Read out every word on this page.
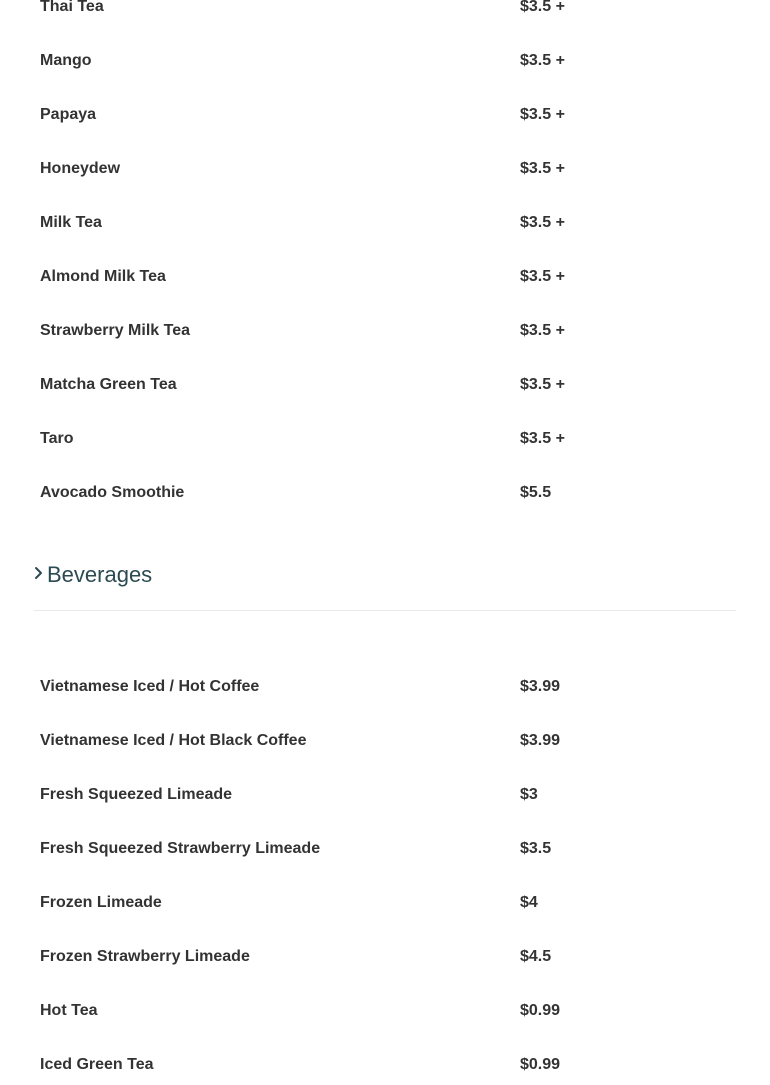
Thai Tea	$3.5 +
Mango	$3.5 +
Papaya	$3.5 +
Honeydew	$3.5 +
Milk Tea	$3.5 +
Almond Milk Tea	$3.5 +
Strawberry Milk Tea	$3.5 +
Matcha Green Tea	$3.5 +
Taro	$3.5 +
Avocado Smoothie	$5.5
Beverages
Vietnamese Iced / Hot Coffee	$3.99
Vietnamese Iced / Hot Black Coffee	$3.99
Fresh Squeezed Limeade	$3
Fresh Squeezed Strawberry Limeade	$3.5
Frozen Limeade	$4
Frozen Strawberry Limeade	$4.5
Hot Tea	$0.99
Iced Green Tea	$0.99
